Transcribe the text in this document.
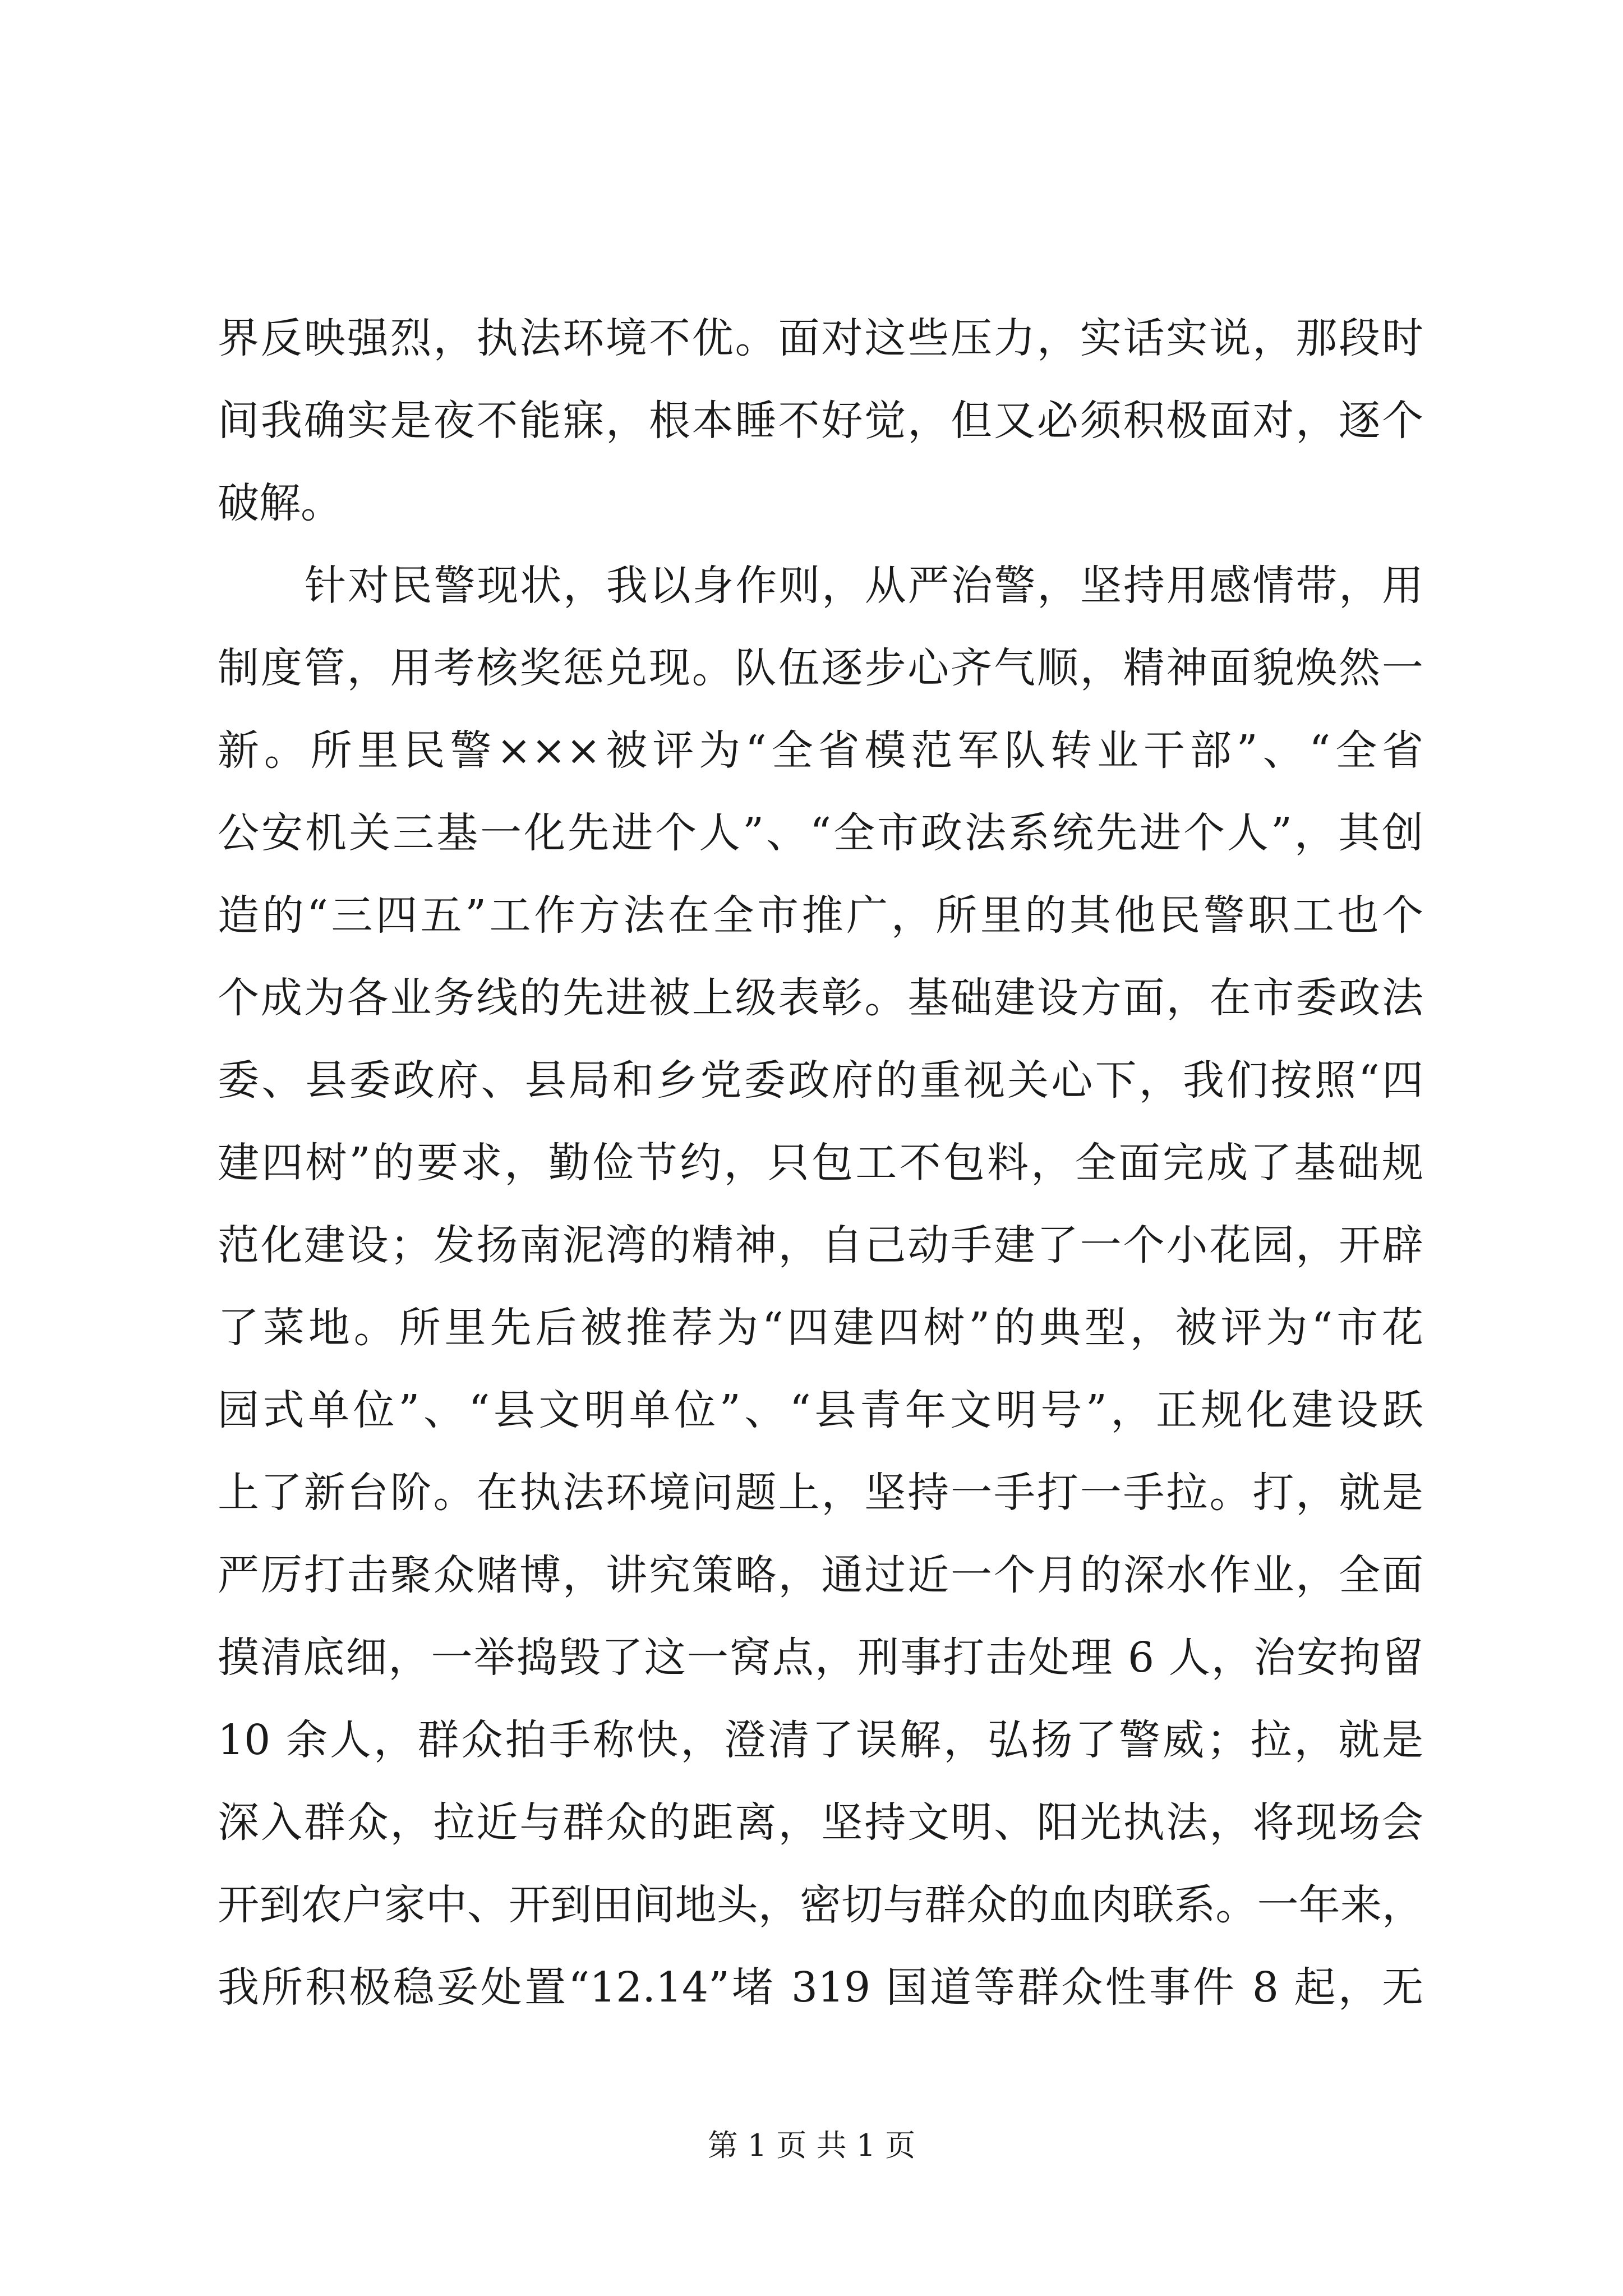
界反映强烈，执法环境不优。面对这些压力，实话实说，那段时
间我确实是夜不能寐，根本睡不好觉，但又必须积极面对，逐个
破解。
针对民警现状，我以身作则，从严治警，坚持用感情带，用
制度管，用考核奖惩兑现。队伍逐步心齐气顺，精神面貌焕然一
新。所里民警×××被评为“全省模范军队转业干部”、“全省
公安机关三基一化先进个人”、“全市政法系统先进个人”，其创
造的“三四五”工作方法在全市推广，所里的其他民警职工也个
个成为各业务线的先进被上级表彰。基础建设方面，在市委政法
委、县委政府、县局和乡党委政府的重视关心下，我们按照“四
建四树”的要求，勤俭节约，只包工不包料，全面完成了基础规
范化建设；发扬南泥湾的精神，自己动手建了一个小花园，开辟
了菜地。所里先后被推荐为“四建四树”的典型，被评为“市花
园式单位”、“县文明单位”、“县青年文明号”，正规化建设跃
上了新台阶。在执法环境问题上，坚持一手打一手拉。打，就是
严厉打击聚众赌博，讲究策略，通过近一个月的深水作业，全面
摸清底细，一举捣毁了这一窝点，刑事打击处理 6 人，治安拘留
10 余人，群众拍手称快，澄清了误解，弘扬了警威；拉，就是
深入群众，拉近与群众的距离，坚持文明、阳光执法，将现场会
开到农户家中、开到田间地头，密切与群众的血肉联系。一年来，
我所积极稳妥处置“12.14”堵 319 国道等群众性事件 8 起，无
第 1 页 共 1 页
